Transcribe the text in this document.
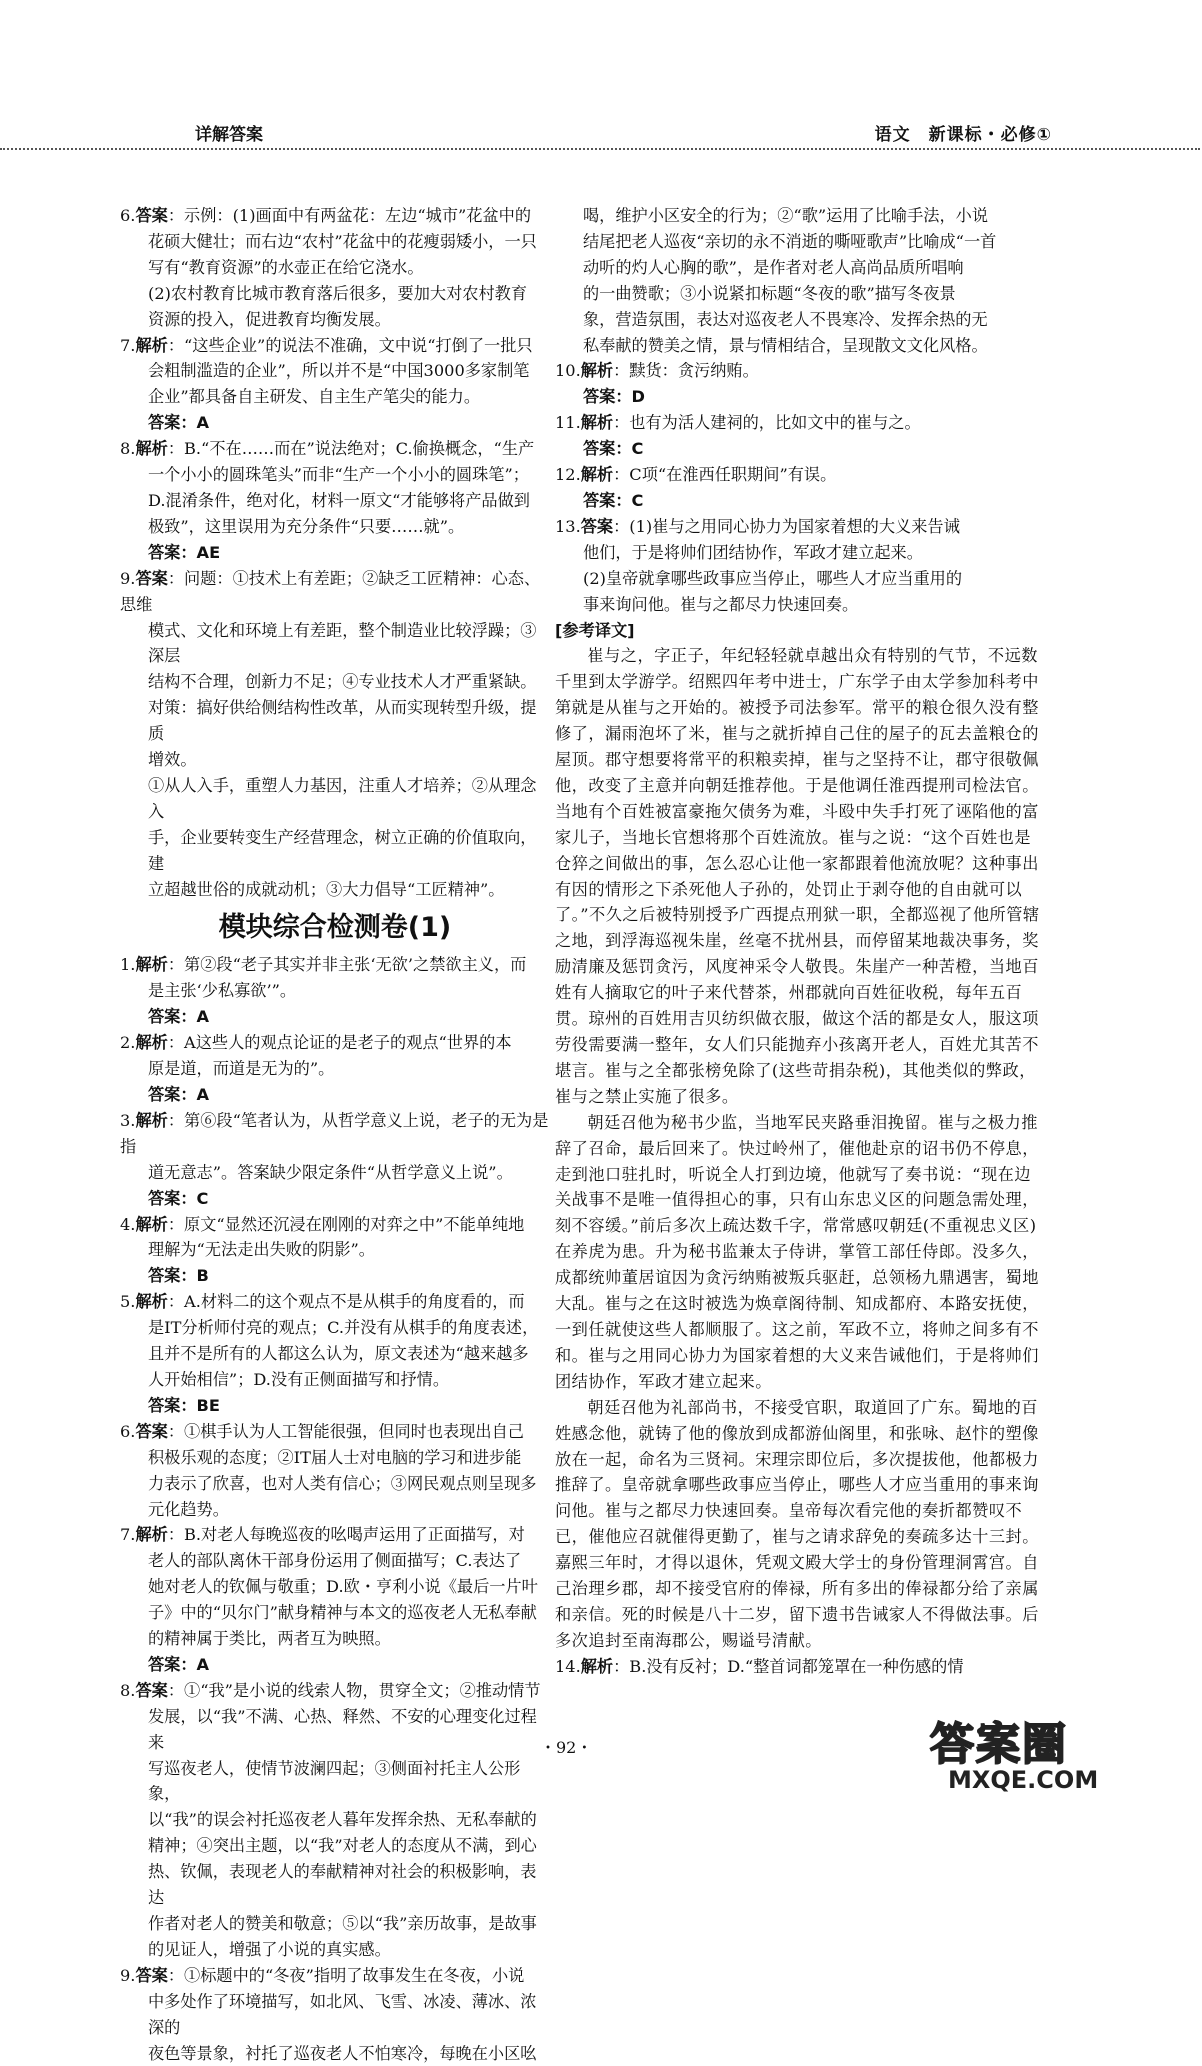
详解答案	语文　新课标・必修①
6.答案：示例：(1)画面中有两盆花：左边“城市”花盆中的
花硕大健壮；而右边“农村”花盆中的花瘦弱矮小，一只
写有“教育资源”的水壶正在给它浇水。
(2)农村教育比城市教育落后很多，要加大对农村教育
资源的投入，促进教育均衡发展。
7.解析：“这些企业”的说法不准确，文中说“打倒了一批只
会粗制滥造的企业”，所以并不是“中国3000多家制笔
企业”都具备自主研发、自主生产笔尖的能力。
答案：A
8.解析：B.“不在……而在”说法绝对；C.偷换概念，“生产
一个小小的圆珠笔头”而非“生产一个小小的圆珠笔”；
D.混淆条件，绝对化，材料一原文“才能够将产品做到
极致”，这里误用为充分条件“只要……就”。
答案：AE
9.答案：问题：①技术上有差距；②缺乏工匠精神：心态、思维
模式、文化和环境上有差距，整个制造业比较浮躁；③深层
结构不合理，创新力不足；④专业技术人才严重紧缺。
对策：搞好供给侧结构性改革，从而实现转型升级，提质
增效。
①从人入手，重塑人力基因，注重人才培养；②从理念入
手，企业要转变生产经营理念，树立正确的价值取向，建
立超越世俗的成就动机；③大力倡导“工匠精神”。
模块综合检测卷(1)
1.解析：第②段“老子其实并非主张‘无欲’之禁欲主义，而
是主张‘少私寡欲’”。
答案：A
2.解析：A这些人的观点论证的是老子的观点“世界的本
原是道，而道是无为的”。
答案：A
3.解析：第⑥段“笔者认为，从哲学意义上说，老子的无为是指
道无意志”。答案缺少限定条件“从哲学意义上说”。
答案：C
4.解析：原文“显然还沉浸在刚刚的对弈之中”不能单纯地
理解为“无法走出失败的阴影”。
答案：B
5.解析：A.材料二的这个观点不是从棋手的角度看的，而
是IT分析师付亮的观点；C.并没有从棋手的角度表述，
且并不是所有的人都这么认为，原文表述为“越来越多
人开始相信”；D.没有正侧面描写和抒情。
答案：BE
6.答案：①棋手认为人工智能很强，但同时也表现出自己
积极乐观的态度；②IT届人士对电脑的学习和进步能
力表示了欣喜，也对人类有信心；③网民观点则呈现多
元化趋势。
7.解析：B.对老人每晚巡夜的吆喝声运用了正面描写，对
老人的部队离休干部身份运用了侧面描写；C.表达了
她对老人的钦佩与敬重；D.欧・亨利小说《最后一片叶
子》中的“贝尔门”献身精神与本文的巡夜老人无私奉献
的精神属于类比，两者互为映照。
答案：A
8.答案：①“我”是小说的线索人物，贯穿全文；②推动情节
发展，以“我”不满、心热、释然、不安的心理变化过程来
写巡夜老人，使情节波澜四起；③侧面衬托主人公形象，
以“我”的误会衬托巡夜老人暮年发挥余热、无私奉献的
精神；④突出主题，以“我”对老人的态度从不满，到心
热、钦佩，表现老人的奉献精神对社会的积极影响，表达
作者对老人的赞美和敬意；⑤以“我”亲历故事，是故事
的见证人，增强了小说的真实感。
9.答案：①标题中的“冬夜”指明了故事发生在冬夜，小说
中多处作了环境描写，如北风、飞雪、冰凌、薄冰、浓深的
夜色等景象，衬托了巡夜老人不怕寒冷，每晚在小区吆
喝，维护小区安全的行为；②“歌”运用了比喻手法，小说
结尾把老人巡夜“亲切的永不消逝的嘶哑歌声”比喻成“一首
动听的灼人心胸的歌”，是作者对老人高尚品质所唱响
的一曲赞歌；③小说紧扣标题“冬夜的歌”描写冬夜景
象，营造氛围，表达对巡夜老人不畏寒冷、发挥余热的无
私奉献的赞美之情，景与情相结合，呈现散文文化风格。
10.解析：黩货：贪污纳贿。
答案：D
11.解析：也有为活人建祠的，比如文中的崔与之。
答案：C
12.解析：C项“在淮西任职期间”有误。
答案：C
13.答案：(1)崔与之用同心协力为国家着想的大义来告诫
他们，于是将帅们团结协作，军政才建立起来。
(2)皇帝就拿哪些政事应当停止，哪些人才应当重用的
事来询问他。崔与之都尽力快速回奏。
[参考译文]

崔与之，字正子，年纪轻轻就卓越出众有特别的气节，不远数千里到太学游学。绍熙四年考中进士，广东学子由太学参加科考中第就是从崔与之开始的。被授予司法参军。常平的粮仓很久没有整修了，漏雨泡坏了米，崔与之就折掉自己住的屋子的瓦去盖粮仓的屋顶。郡守想要将常平的积粮卖掉，崔与之坚持不让，郡守很敬佩他，改变了主意并向朝廷推荐他。于是他调任淮西提刑司检法官。当地有个百姓被富豪拖欠债务为难，斗殴中失手打死了诬陷他的富家儿子，当地长官想将那个百姓流放。崔与之说：“这个百姓也是仓猝之间做出的事，怎么忍心让他一家都跟着他流放呢？这种事出有因的情形之下杀死他人子孙的，处罚止于剥夺他的自由就可以了。”不久之后被特别授予广西提点刑狱一职，全都巡视了他所管辖之地，到浮海巡视朱崖，丝毫不扰州县，而停留某地裁决事务，奖励清廉及惩罚贪污，风度神采令人敬畏。朱崖产一种苦橙，当地百姓有人摘取它的叶子来代替茶，州郡就向百姓征收税，每年五百贯。琼州的百姓用吉贝纺织做衣服，做这个活的都是女人，服这项劳役需要满一整年，女人们只能抛弃小孩离开老人，百姓尤其苦不堪言。崔与之全都张榜免除了(这些苛捐杂税)，其他类似的弊政，崔与之禁止实施了很多。

朝廷召他为秘书少监，当地军民夹路垂泪挽留。崔与之极力推辞了召命，最后回来了。快过岭州了，催他赴京的诏书仍不停息，走到池口驻扎时，听说全人打到边境，他就写了奏书说：“现在边关战事不是唯一值得担心的事，只有山东忠义区的问题急需处理，刻不容缓。”前后多次上疏达数千字，常常感叹朝廷(不重视忠义区)在养虎为患。升为秘书监兼太子侍讲，掌管工部任侍郎。没多久，成都统帅董居谊因为贪污纳贿被叛兵驱赶，总领杨九鼎遇害，蜀地大乱。崔与之在这时被选为焕章阁待制、知成都府、本路安抚使，一到任就使这些人都顺服了。这之前，军政不立，将帅之间多有不和。崔与之用同心协力为国家着想的大义来告诫他们，于是将帅们团结协作，军政才建立起来。

朝廷召他为礼部尚书，不接受官职，取道回了广东。蜀地的百姓感念他，就铸了他的像放到成都游仙阁里，和张咏、赵忭的塑像放在一起，命名为三贤祠。宋理宗即位后，多次提拔他，他都极力推辞了。皇帝就拿哪些政事应当停止，哪些人才应当重用的事来询问他。崔与之都尽力快速回奏。皇帝每次看完他的奏折都赞叹不已，催他应召就催得更勤了，崔与之请求辞免的奏疏多达十三封。嘉熙三年时，才得以退休，凭观文殿大学士的身份管理洞霄宫。自己治理乡郡，却不接受官府的俸禄，所有多出的俸禄都分给了亲属和亲信。死的时候是八十二岁，留下遗书告诫家人不得做法事。后多次追封至南海郡公，赐谥号清献。

14.解析：B.没有反衬；D.“整首词都笼罩在一种伤感的情
・92・	答案圈
MXQE.COM
